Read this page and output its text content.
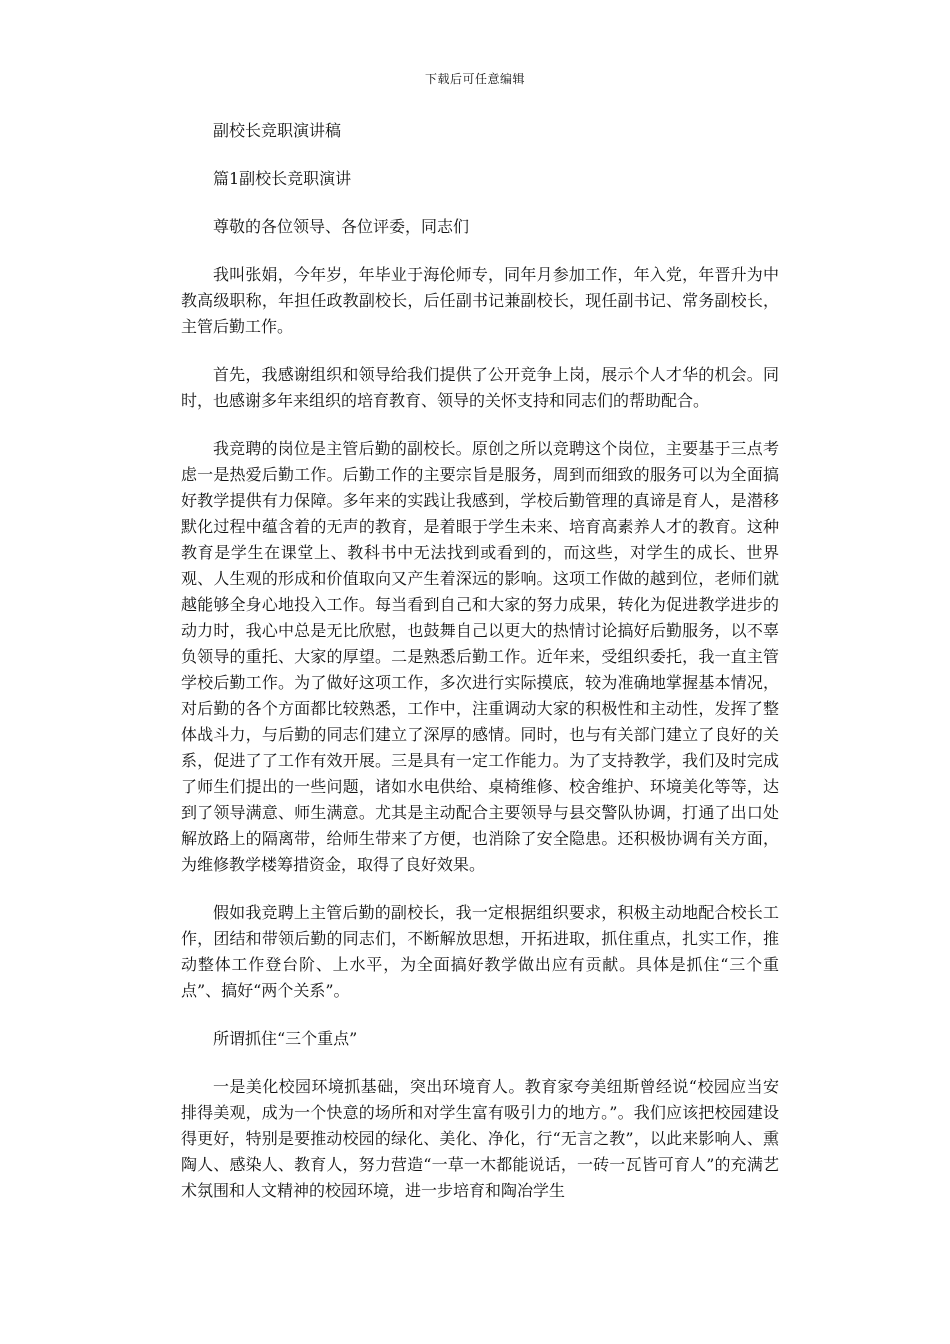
下载后可任意编辑
副校长竞职演讲稿
篇1副校长竞职演讲
尊敬的各位领导、各位评委，同志们
我叫张娟，今年岁，年毕业于海伦师专，同年月参加工作，年入党，年晋升为中教高级职称，年担任政教副校长，后任副书记兼副校长，现任副书记、常务副校长，主管后勤工作。
首先，我感谢组织和领导给我们提供了公开竞争上岗，展示个人才华的机会。同时，也感谢多年来组织的培育教育、领导的关怀支持和同志们的帮助配合。
我竞聘的岗位是主管后勤的副校长。原创之所以竞聘这个岗位，主要基于三点考虑一是热爱后勤工作。后勤工作的主要宗旨是服务，周到而细致的服务可以为全面搞好教学提供有力保障。多年来的实践让我感到，学校后勤管理的真谛是育人，是潜移默化过程中蕴含着的无声的教育，是着眼于学生未来、培育高素养人才的教育。这种教育是学生在课堂上、教科书中无法找到或看到的，而这些，对学生的成长、世界观、人生观的形成和价值取向又产生着深远的影响。这项工作做的越到位，老师们就越能够全身心地投入工作。每当看到自己和大家的努力成果，转化为促进教学进步的动力时，我心中总是无比欣慰，也鼓舞自己以更大的热情讨论搞好后勤服务，以不辜负领导的重托、大家的厚望。二是熟悉后勤工作。近年来，受组织委托，我一直主管学校后勤工作。为了做好这项工作，多次进行实际摸底，较为准确地掌握基本情况，对后勤的各个方面都比较熟悉，工作中，注重调动大家的积极性和主动性，发挥了整体战斗力，与后勤的同志们建立了深厚的感情。同时，也与有关部门建立了良好的关系，促进了了工作有效开展。三是具有一定工作能力。为了支持教学，我们及时完成了师生们提出的一些问题，诸如水电供给、桌椅维修、校舍维护、环境美化等等，达到了领导满意、师生满意。尤其是主动配合主要领导与县交警队协调，打通了出口处解放路上的隔离带，给师生带来了方便，也消除了安全隐患。还积极协调有关方面，为维修教学楼筹措资金，取得了良好效果。
假如我竞聘上主管后勤的副校长，我一定根据组织要求，积极主动地配合校长工作，团结和带领后勤的同志们，不断解放思想，开拓进取，抓住重点，扎实工作，推动整体工作登台阶、上水平，为全面搞好教学做出应有贡献。具体是抓住“三个重点”、搞好“两个关系”。
所谓抓住“三个重点”
一是美化校园环境抓基础，突出环境育人。教育家夸美纽斯曾经说“校园应当安排得美观，成为一个快意的场所和对学生富有吸引力的地方。”。我们应该把校园建设得更好，特别是要推动校园的绿化、美化、净化，行“无言之教”，以此来影响人、熏陶人、感染人、教育人，努力营造“一草一木都能说话，一砖一瓦皆可育人”的充满艺术氛围和人文精神的校园环境，进一步培育和陶冶学生
